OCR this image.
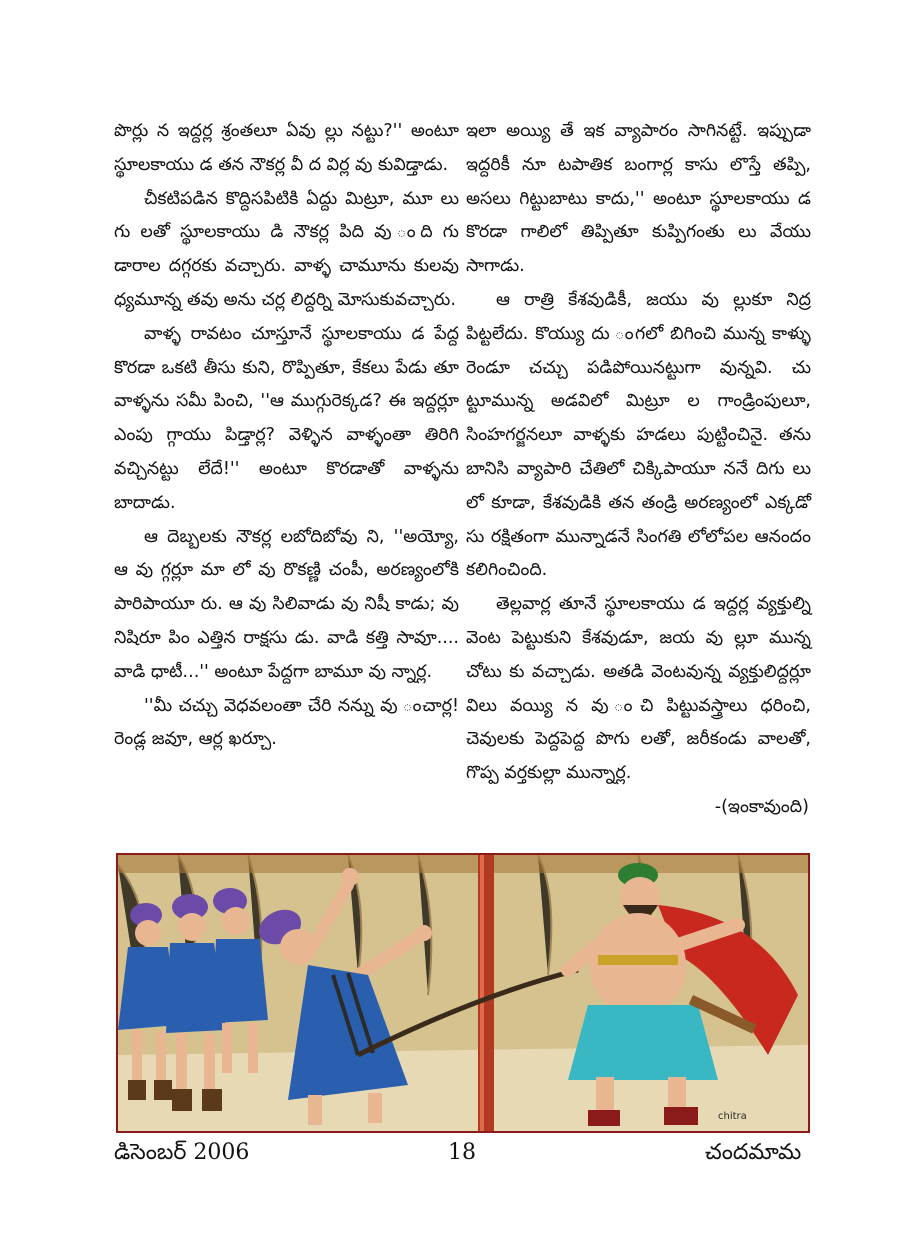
పొర్లు న ఇద్దర్ల శ్రంతలూ ఏవు ల్లు నట్టు?'' అంటూ స్థూలకాయు డ తన నౌకర్ల వీ ద విర్ల వు కువిడ్తాడు.

చీకటిపడిన కొద్దిసపిటికి ఏద్దు మిట్రూ, మూ లు గు లతో స్థూలకాయు డి నౌకర్ల పిది వు ంది గు డారాల దగ్గరకు వచ్చారు. వాళ్ళ చామూను కులవు ధ్యమూన్న తవు అను చర్ల లిద్దర్ని మోసుకువచ్చారు.

వాళ్ళ రావటం చూస్తూనే స్థూలకాయు డ పేద్ద కొరడా ఒకటి తీసు కుని, రొప్పితూ, కేకలు పేడు తూ వాళ్ళను సమీ పించి, ''ఆ ముగ్గురెక్కడ? ఈ ఇద్దర్లూ ఎంపు గ్గాయు పిడ్తార్ల? వెళ్ళిన వాళ్ళంతా తిరిగి వచ్చినట్టు లేదే!'' అంటూ కొరడాతో వాళ్ళను బాదాడు.

ఆ దెబ్బలకు నౌకర్ల లబోదిబోవు ని, ''అయ్యో, ఆ వు గ్గర్లూ మా లో వు రొకణ్ణి చంపీ, అరణ్యంలోకి పారిపాయూ రు. ఆ వు సిలివాడు వు నిషీ కాడు; వు నిషిరూ పిం ఎత్తిన రాక్షసు డు. వాడి కత్తి సావూ.... వాడి ధాటీ...'' అంటూ పేద్దగా బామూ వు న్నార్ల.

''మీ చచ్చు వెధవలంతా చేరి నన్ను వు ంచార్ల! రెండ్ల జవూ, ఆర్ల ఖర్చూ.

ఇలా అయ్యి తే ఇక వ్యాపారం సాగినట్టే. ఇప్పుడా ఇద్దరికీ నూ టపాతిక బంగార్ల కాసు లొస్తే తప్పి, అసలు గిట్టుబాటు కాదు,'' అంటూ స్థూలకాయు డ కొరడా గాలిలో తిప్పితూ కుప్పిగంతు లు వేయు సాగాడు.

ఆ రాత్రి కేశవుడికీ, జయు వు ల్లుకూ నిద్ర పిట్టలేదు. కొయ్యు దు ంగలో బిగించి మున్న కాళ్ళు రెండూ చచ్చు పడిపోయినట్టుగా వున్నవి. చు ట్టూమున్న అడవిలో మిట్రూ ల గాండ్రింపులూ, సింహగర్జనలూ వాళ్ళకు హడలు పుట్టించినై. తను బానిసి వ్యాపారి చేతిలో చిక్కిపాయూ ననే దిగు లు లో కూడా, కేశవుడికి తన తండ్రి అరణ్యంలో ఎక్కడో సు రక్షితంగా మున్నాడనే సింగతి లోలోపల ఆనందం కలిగించింది.

తెల్లవార్ల తూనే స్థూలకాయు డ ఇద్దర్ల వ్యక్తుల్ని వెంట పెట్టుకుని కేశవుడూ, జయ వు ల్లూ మున్న చోటు కు వచ్చాడు. అతడి వెంటవున్న వ్యక్తులిద్దర్లూ విలు వయ్యి న వు ంచి పిట్టువస్త్రాలు ధరించి, చెవులకు పెద్దపెద్ద పొగు లతో, జరీకండు వాలతో, గొప్ప వర్తకుల్లా మున్నార్ల.

-(ఇంకావుంది)
chitra
డిసెంబర్ 2006	18	చందమామ
